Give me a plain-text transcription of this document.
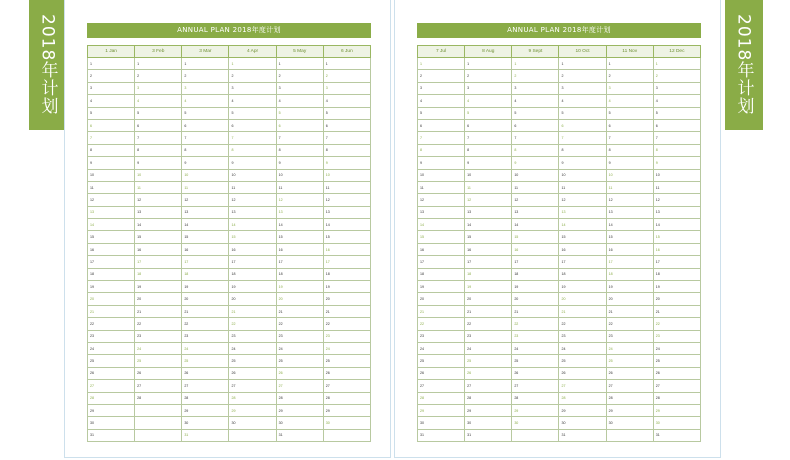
2018年计划	2018年计划
ANNUAL PLAN 2018年度计划
1 Jan	3 Feb	3 Mar	4 Apr	5 May	6 Jun
1	1	1	1	1	1
2	2	2	2	2	2
3	3	3	3	3	3
4	4	4	4	4	4
5	5	5	5	5	5
6	6	6	6	6	6
7	7	7	7	7	7
8	8	8	8	8	8
9	9	9	9	9	9
10	10	10	10	10	10
11	11	11	11	11	11
12	12	12	12	12	12
13	13	13	13	13	13
14	14	14	14	14	14
15	15	15	15	15	15
16	16	16	16	16	16
17	17	17	17	17	17
18	18	18	18	18	18
19	19	19	19	19	19
20	20	20	20	20	20
21	21	21	21	21	21
22	22	22	22	22	22
23	23	23	23	23	23
24	24	24	24	24	24
25	25	25	25	25	25
26	26	26	26	26	26
27	27	27	27	27	27
28	28	28	28	28	28
29		29	29	29	29
30		30	30	30	30
31		31		31	
ANNUAL PLAN 2018年度计划
7 Jul	8 Aug	9 Sept	10 Oct	11 Nov	12 Dec
1	1	1	1	1	1
2	2	2	2	2	2
3	3	3	3	3	3
4	4	4	4	4	4
5	5	5	5	5	5
6	6	6	6	6	6
7	7	7	7	7	7
8	8	8	8	8	8
9	9	9	9	9	9
10	10	10	10	10	10
11	11	11	11	11	11
12	12	12	12	12	12
13	13	13	13	13	13
14	14	14	14	14	14
15	15	15	15	15	15
16	16	16	16	16	16
17	17	17	17	17	17
18	18	18	18	18	18
19	19	19	19	19	19
20	20	20	20	20	20
21	21	21	21	21	21
22	22	22	22	22	22
23	23	23	23	23	23
24	24	24	24	24	24
25	25	25	25	25	25
26	26	26	26	26	26
27	27	27	27	27	27
28	28	28	28	28	28
29	29	29	29	29	29
30	30	30	30	30	30
31	31		31		31
